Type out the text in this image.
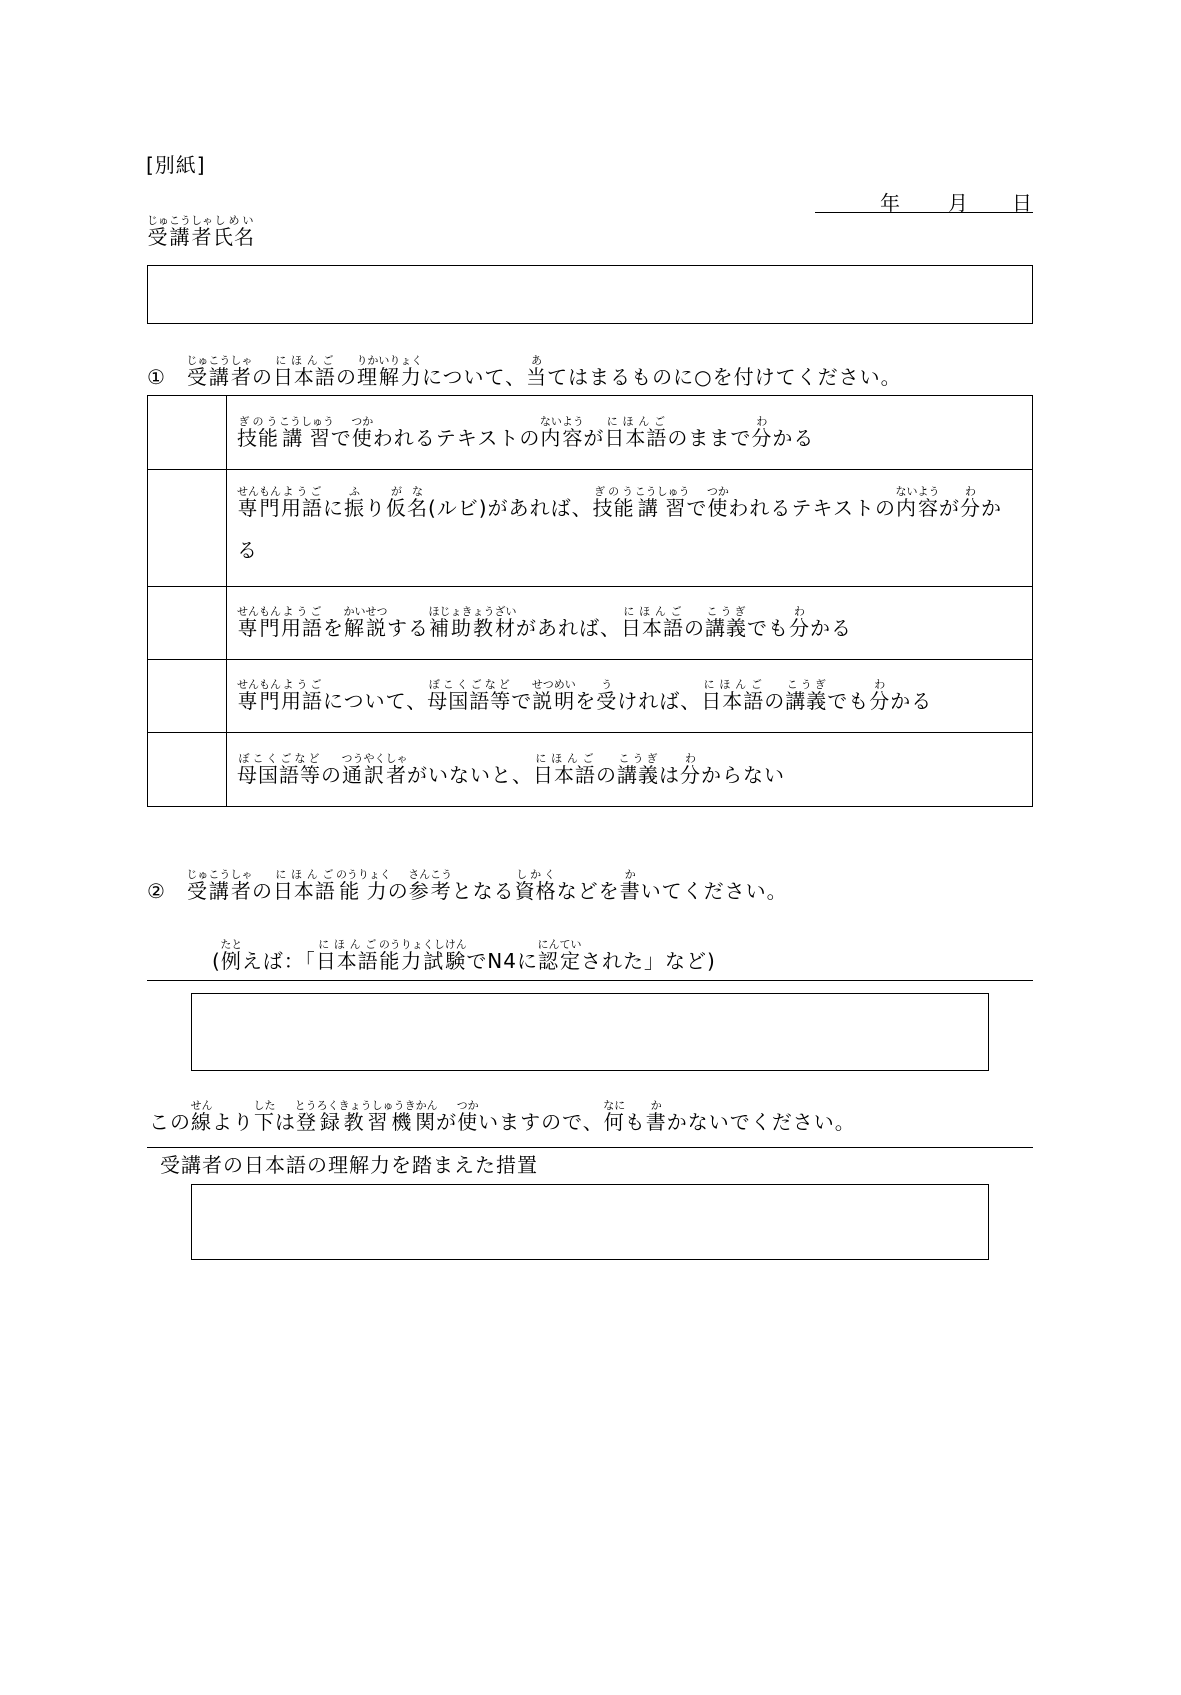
[別紙]
年 月 日
受講者じゅこうしゃ氏名しめい
①　受講者じゅこうしゃの日本語にほんごの理解力りかいりょくについて、当あてはまるものに○を付けてください。

	技能ぎのう講習こうしゅうで使つかわれるテキストの内容ないようが日本語にほんごのままで分わかる

	専門せんもん用語ようごに振ふり仮名がな(ルビ)があれば、技能ぎのう講習こうしゅうで使つかわれるテキストの内容ないようが分わかる

	専門せんもん用語ようごを解説かいせつする補助教材ほじょきょうざいがあれば、日本語にほんごの講義こうぎでも分わかる

	専門せんもん用語ようごについて、母国語等ぼこくごなどで説明せつめいを受うければ、日本語にほんごの講義こうぎでも分わかる

	母国語等ぼこくごなどの通訳者つうやくしゃがいないと、日本語にほんごの講義こうぎは分わからない
②　受講者じゅこうしゃの日本語にほんご能力のうりょくの参考さんこうとなる資格しかくなどを書かいてください。
(例たとえば：「日本語にほんご能力試験のうりょくしけんでN4に認定にんていされた」など)
この線せんより下したは登録教習機関とうろくきょうしゅうきかんが使つかいますので、何なにも書かかないでください。
受講者の日本語の理解力を踏まえた措置
